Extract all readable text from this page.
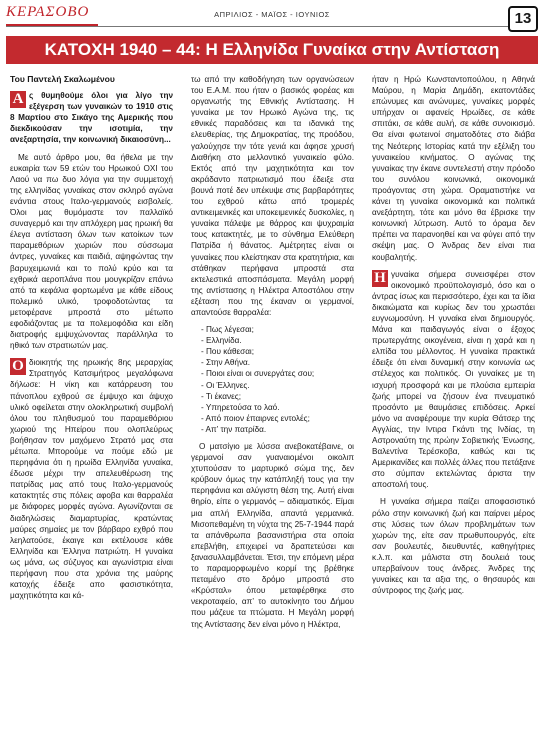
ΚΕΡΑΣΟΒΟ	ΑΠΡΙΛΙΟΣ - ΜΑΪΟΣ - ΙΟΥΝΙΟΣ	13
ΚΑΤΟΧΗ 1940 – 44: Η Ελληνίδα Γυναίκα στην Αντίσταση
Του Παντελή Σκαλωμένου

Α ς θυμηθούμε όλοι για λίγο την εξέγερση των γυναικών το 1910 στις 8 Μαρτίου στο Σικάγο της Αμερικής που διεκδικούσαν την ισοτιμία, την ανεξαρτησία, την κοινωνική δικαιοσύνη...

Με αυτό άρθρο μου, θα ήθελα με την ευκαιρία των 59 ετών του Ηρωικού ΟΧΙ του Λαού να πω δυο λόγια για την συμμετοχή της ελληνίδας γυναίκας στον σκληρό αγώνα ενάντια στους Ιταλο-γερμανούς εισβολείς. Όλοι μας θυμόμαστε τον παλλαϊκό συναγερμό και την απλόχερη μας ηρωική θα έλεγα αντίσταση όλων των κατοίκων των παραμεθόριων χωριών που σύσσωμα άντρες, γυναίκες και παιδιά, αψηφώντας την βαρυχειμωνιά και το πολύ κρύο και τα εχθρικά αεροπλάνα που μουγκρίζαν επάνω από τα κεφάλια φορτωμένα με κάθε είδους πολεμικό υλικό, τροφοδοτώντας τα μετοφέρανε μπροστά στο μέτωπο εφοδιάζοντας με τα πολεμοφόδια και είδη διατροφής εμψυχώνοντας παράλληλα το ηθικό των στρατιωτών μας.

Ο διοικητής της ηρωικής 8ης μεραρχίας Στρατηγός Κατσιμήτρος μεγαλόφωνα δήλωσε: Η νίκη και κατάρρευση του πάνοπλου εχθρού σε έμψυχο και άψυχο υλικό οφείλεται στην ολοκληρωτική συμβολή όλου του πληθυσμού του παραμεθόριου χωριού της Ηπείρου που ολοπλεύρως βοήθησαν τον μαχόμενο Στρατό μας στα μέτωπα. Μπορούμε να πούμε εδώ με περηφάνια ότι η ηρωίδα Ελληνίδα γυναίκα, έδωσε μέχρι την απελευθέρωση της πατρίδας μας από τους Ιταλο-γερμανούς κατακτητές στις πόλεις αφοβα και θαρραλέα με διάφορες μορφές αγώνα. Αγωνίζονται σε διαδηλώσεις διαμαρτυρίας, κρατώντας μαύρες σημαίες με τον βάρβαρο εχθρό που λεηλατούσε, έκαιγε και εκτέλουσε κάθε Ελληνίδα και Έλληνα πατριώτη. Η γυναίκα ως μάνα, ως σύζυγος και αγωνίστρια είναι περήφανη που στα χρόνια της μαύρης κατοχής έδειξε απο φασιστικότητα, μαχητικότητα και κά-

τω από την καθοδήγηση των οργανώσεων του Ε.Α.Μ. που ήταν ο βασικός φορέας και οργανωτής της Εθνικής Αντίστασης. Η γυναίκα με τον Ηρωικό Αγώνα της, τις εθνικές παραδόσεις και τα ιδανικά της ελευθερίας, της Δημοκρατίας, της προόδου, γαλούχησε την τότε γενιά και άφησε χρυσή Διαθήκη στο μελλοντικό γυναικείο φύλο. Εκτός από την μαχητικότητα και τον ακράδαντο πατριωτισμό που έδειξε στα βουνά ποτέ δεν υπέκυψε στις βαρβαρότητες του εχθρού κάτω από τρομερές αντικειμενικές και υποκειμενικές δυσκολίες, η γυναίκα πάλεψε με θάρρος και ψυχραιμία τους κατακτητές, με το σύνθημα Ελεύθερη Πατρίδα ή θάνατος. Αμέτρητες είναι οι γυναίκες που κλείστηκαν στα κρατητήρια, και στάθηκαν περήφανα μπροστά στα εκτελεστικά αποσπάσματα. Μεγάλη μορφή της αντίστασης η Ηλέκτρα Αποστόλου στην εξέταση που της έκαναν οι γερμανοί, απαντούσε θαρραλέα:

- Πως λέγεσαι;
- Ελληνίδα.
- Που κάθεσαι;
- Στην Αθήνα.
- Ποιοι είναι οι συνεργάτες σου;
- Οι Έλληνες.
- Τι έκανες;
- Υπηρετούσα το λαό.
- Από ποιον έπαιρνες εντολές;
- Απ’ την πατρίδα.

Ο ματσίγιο με λύσσα ανεβοκατέβαινε, οι γερμανοί σαν γυαναιομένοι οικολιπ χτυπούσαν το μαρτυρικό σώμα της, δεν κρύβουν όμως την κατάπληξή τους για την περηφάνια και αλύγιστη θέση της. Αυτή είναι θηρίο, είπε ο γερμανός – αδιαματικός. Είμαι μια απλή Ελληνίδα, απαντά γερμανικά. Μισοπεθαμένη τη νύχτα της 25-7-1944 παρά τα απάνθρωπα βασανιστήρια στα οποία επεβλήθη, επιχειρεί να δραπετεύσει και ξανασυλλαμβάνεται. Έτσι, την επόμενη μέρα το παραμορφωμένο κορμί της βρέθηκε πεταμένο στο δρόμο μπροστά στο «Κρύσταλ» όπου μεταφέρθηκε στο νεκροταφείο, απ’ το αυτοκίνητο του Δήμου που μάζευε τα πτώματα. Η Μεγάλη μορφή της Αντίστασης δεν είναι μόνο η Ηλέκτρα,

ήταν η Ηρώ Κωνσταντοπούλου, η Αθηνά Μαύρου, η Μαρία Δημάδη, εκατοντάδες επώνυμες και ανώνυμες, γυναίκες μορφές υπήρχαν οι αφανείς Ηρωίδες, σε κάθε σπιτάκι, σε κάθε αυλή, σε κάθε συνοικισμό. Θα είναι φωτεινοί σηματοδότες στο διάβα της Νεότερης Ιστορίας κατά την εξέλιξη του γυναικείου κινήματος. Ο αγώνας της γυναίκας την έκανε συντελεστή στην πρόοδο του συνόλου κοινωνικά, οικονομικά προάγοντας στη χώρα. Οραματιστήκε να κάνει τη γυναίκα οικονομικά και πολιτικά ανεξάρτητη, τότε και μόνο θα έβρισκε την κοινωνική λύτρωση. Αυτό το όραμα δεν πρέπει να παρανοηθεί και να φύγει από την σκέψη μας. Ο Άνδρας δεν είναι πια κουβαλητής.

Η γυναίκα σήμερα συνεισφέρει στον οικονομικό προϋπολογισμό, όσο και ο άντρας ίσως και περισσότερο, έχει και τα ίδια δικαιώματα και κυρίως δεν του χρωστάει ευγνωμοσύνη. Η γυναίκα είναι δημιουργός. Μάνα και παιδαγωγός είναι ο έξοχος πρωτεργάτης οικογένεια, είναι η χαρά και η ελπίδα του μέλλοντος. Η γυναίκα πρακτικά έδειξε ότι είναι δυναμική στην κοινωνία ως στέλεχος και πολιτικός. Οι γυναίκες με τη ισχυρή προσφορά και με πλούσια εμπειρία ζωής μπορεί να ζήσουν ένα πνευματικό προσόντο με θαυμάσιες επιδόσεις. Αρκεί μόνο να αναφέρουμε την κυρία Θάτσερ της Αγγλίας, την Ιντιρα Γκάντι της Ινδίας, τη Αστροναύτη της πρώην Σοβιετικής Ένωσης, Βαλεντίνα Τερέσκοβα, καθώς και τις Αμερικανίδες και πολλές άλλες που πετάξανε στο σύμπαν εκτελώντας άριστα την αποστολή τους.

Η γυναίκα σήμερα παίζει αποφασιστικό ρόλο στην κοινωνική ζωή και παίρνει μέρος στις λύσεις των όλων προβλημάτων των χωρών της, είτε σαν πρωθυπουργός, είτε σαν βουλευτές, διευθυντές, καθηγήτριες κ.λ.π. και μάλιστα στη δουλειά τους υπερβαίνουν τους άνδρες. Άνδρες της γυναίκες και τα αξια της, ο θησαυρός και σύντροφος της ζωής μας.
